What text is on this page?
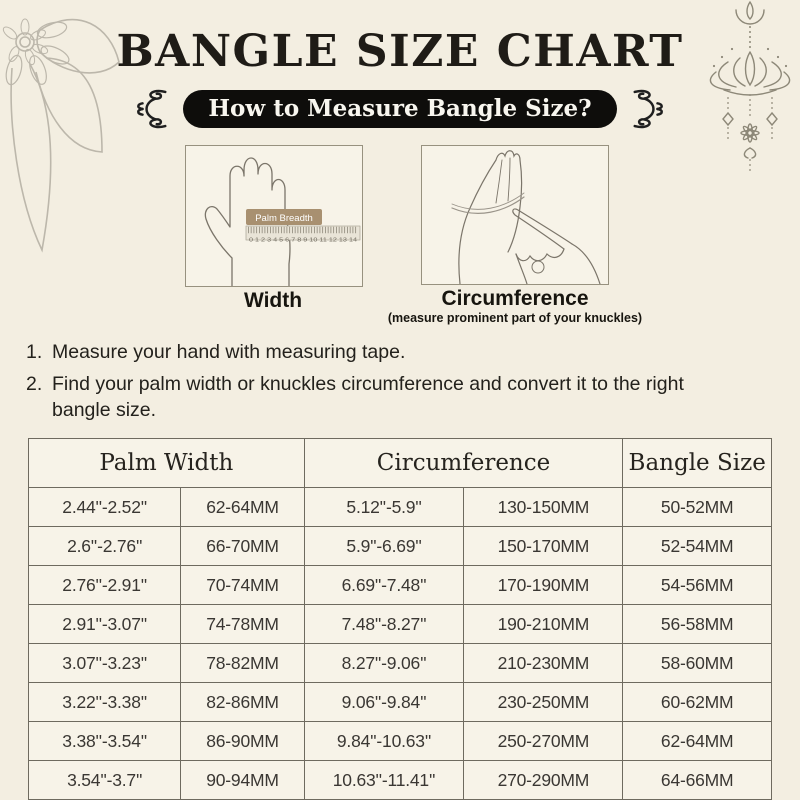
BANGLE SIZE CHART
How to Measure Bangle Size?
0 1 2 3 4 5 6 7 8 9 10 11 12 13 14
Palm Breadth
Width	Circumference
(measure prominent part of your knuckles)
1. Measure your hand with measuring tape.
2. Find your palm width or knuckles circumference and convert it to the right bangle size.
Palm Width		Circumference		Bangle Size
2.44''-2.52''	62-64MM	5.12''-5.9''	130-150MM	50-52MM
2.6''-2.76''	66-70MM	5.9''-6.69''	150-170MM	52-54MM
2.76''-2.91''	70-74MM	6.69''-7.48''	170-190MM	54-56MM
2.91''-3.07''	74-78MM	7.48''-8.27''	190-210MM	56-58MM
3.07''-3.23''	78-82MM	8.27''-9.06''	210-230MM	58-60MM
3.22''-3.38''	82-86MM	9.06''-9.84''	230-250MM	60-62MM
3.38''-3.54''	86-90MM	9.84''-10.63''	250-270MM	62-64MM
3.54''-3.7''	90-94MM	10.63''-11.41''	270-290MM	64-66MM
